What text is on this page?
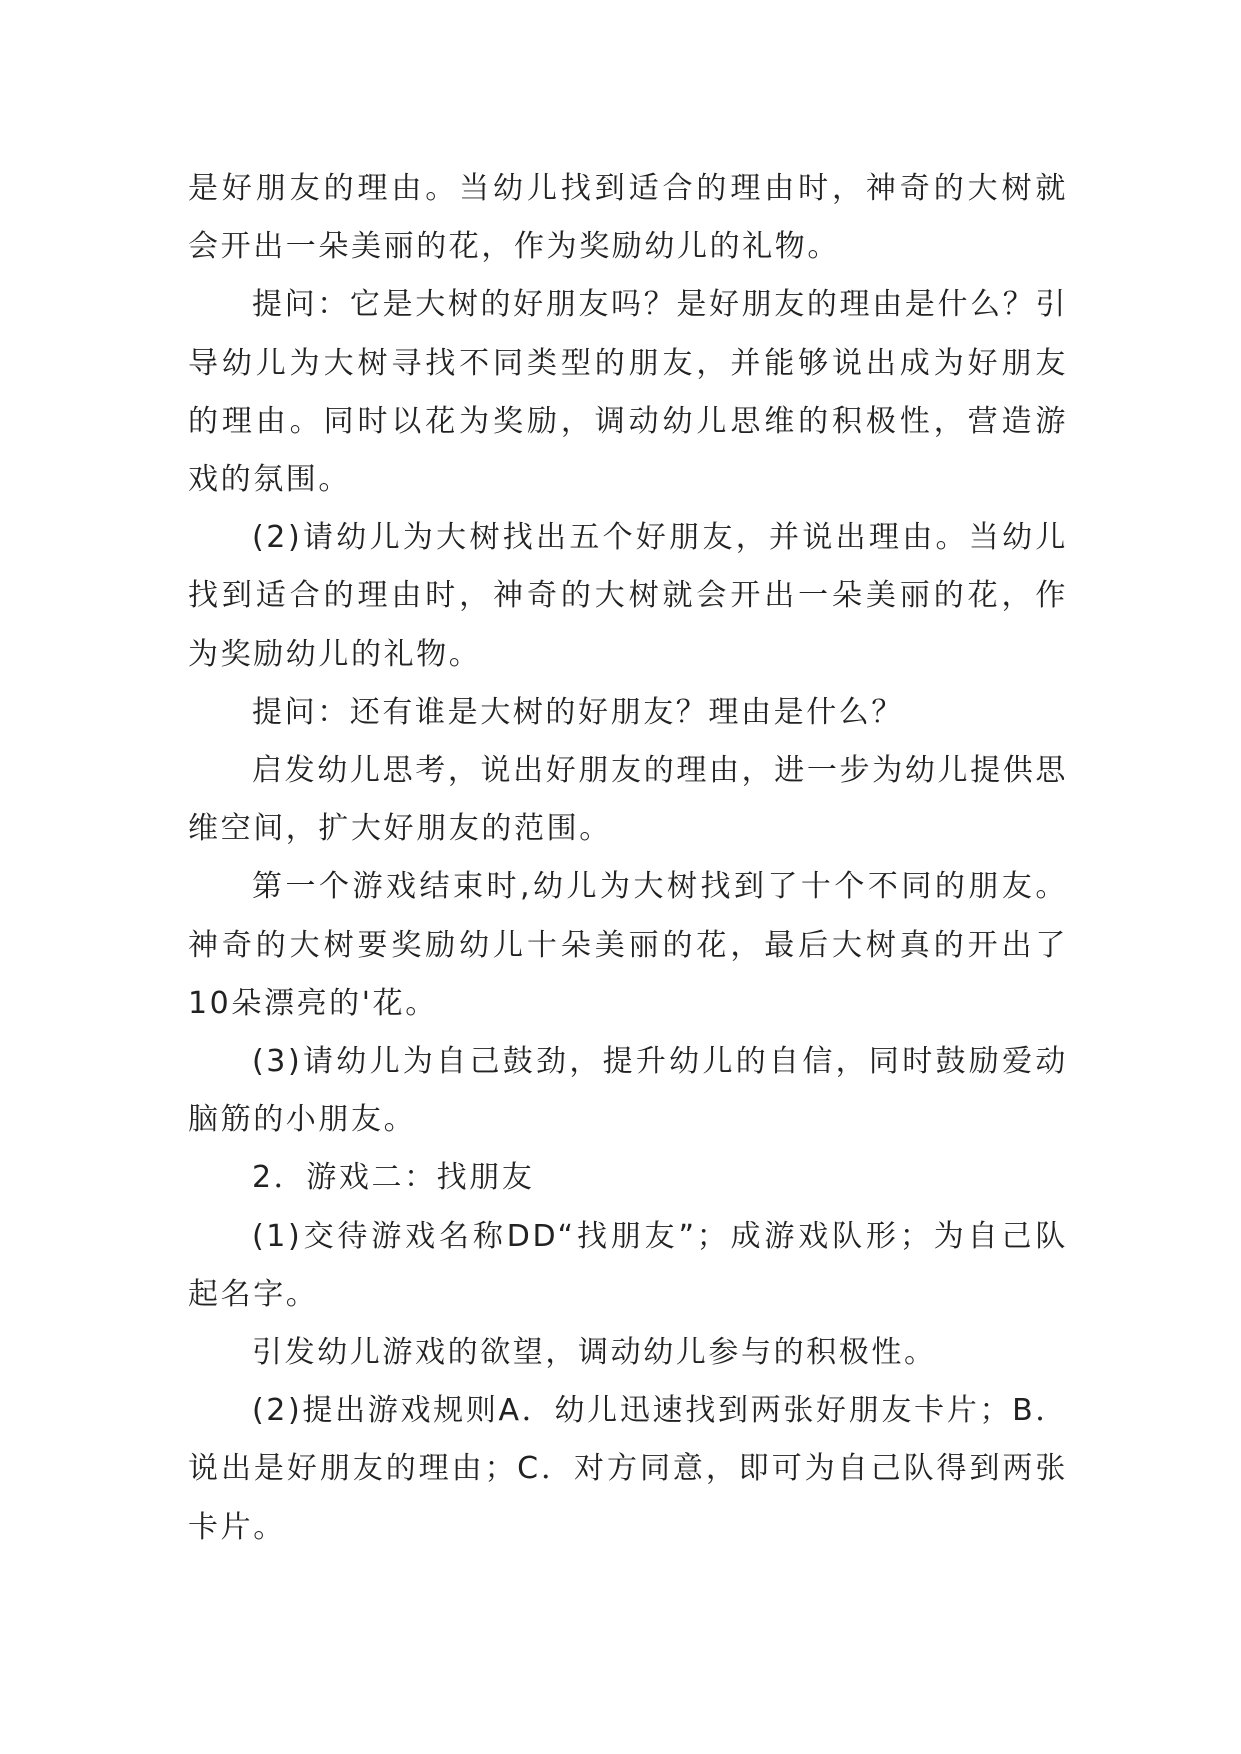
是好朋友的理由。当幼儿找到适合的理由时，神奇的大树就会开出一朵美丽的花，作为奖励幼儿的礼物。

提问：它是大树的好朋友吗？是好朋友的理由是什么？引导幼儿为大树寻找不同类型的朋友，并能够说出成为好朋友的理由。同时以花为奖励，调动幼儿思维的积极性，营造游戏的氛围。

(2)请幼儿为大树找出五个好朋友，并说出理由。当幼儿找到适合的理由时，神奇的大树就会开出一朵美丽的花，作为奖励幼儿的礼物。

提问：还有谁是大树的好朋友？理由是什么？

启发幼儿思考，说出好朋友的理由，进一步为幼儿提供思维空间，扩大好朋友的范围。

第一个游戏结束时,幼儿为大树找到了十个不同的朋友。神奇的大树要奖励幼儿十朵美丽的花，最后大树真的开出了10朵漂亮的'花。

(3)请幼儿为自己鼓劲，提升幼儿的自信，同时鼓励爱动脑筋的小朋友。

2．游戏二：找朋友

(1)交待游戏名称DD“找朋友”；成游戏队形；为自己队起名字。

引发幼儿游戏的欲望，调动幼儿参与的积极性。

(2)提出游戏规则A．幼儿迅速找到两张好朋友卡片；B．说出是好朋友的理由；C．对方同意，即可为自己队得到两张卡片。
